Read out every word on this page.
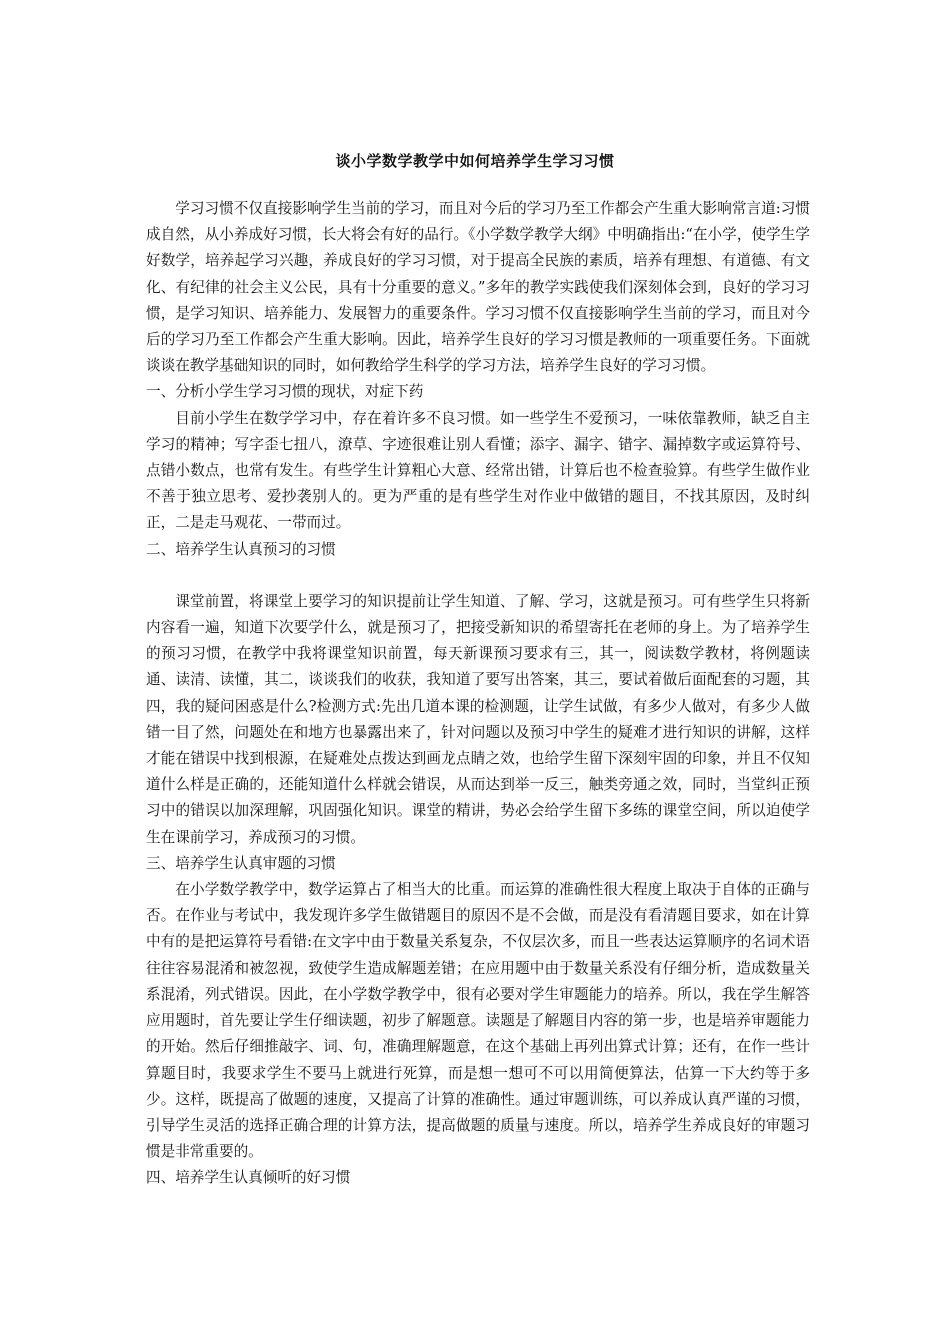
谈小学数学教学中如何培养学生学习习惯

学习习惯不仅直接影响学生当前的学习，而且对今后的学习乃至工作都会产生重大影响常言道:习惯成自然，从小养成好习惯，长大将会有好的品行。《小学数学教学大纲》中明确指出:“在小学，使学生学好数学，培养起学习兴趣，养成良好的学习习惯，对于提高全民族的素质，培养有理想、有道德、有文化、有纪律的社会主义公民，具有十分重要的意义。”多年的教学实践使我们深刻体会到，良好的学习习惯，是学习知识、培养能力、发展智力的重要条件。学习习惯不仅直接影响学生当前的学习，而且对今后的学习乃至工作都会产生重大影响。因此，培养学生良好的学习习惯是教师的一项重要任务。下面就谈谈在教学基础知识的同时，如何教给学生科学的学习方法，培养学生良好的学习习惯。

一、分析小学生学习习惯的现状，对症下药

目前小学生在数学学习中，存在着许多不良习惯。如一些学生不爱预习，一味依靠教师，缺乏自主学习的精神；写字歪七扭八，潦草、字迹很难让别人看懂；添字、漏字、错字、漏掉数字或运算符号、点错小数点，也常有发生。有些学生计算粗心大意、经常出错，计算后也不检查验算。有些学生做作业不善于独立思考、爱抄袭别人的。更为严重的是有些学生对作业中做错的题目，不找其原因，及时纠正，二是走马观花、一带而过。

二、培养学生认真预习的习惯

课堂前置，将课堂上要学习的知识提前让学生知道、了解、学习，这就是预习。可有些学生只将新内容看一遍，知道下次要学什么，就是预习了，把接受新知识的希望寄托在老师的身上。为了培养学生的预习习惯，在教学中我将课堂知识前置，每天新课预习要求有三，其一，阅读数学教材，将例题读通、读清、读懂，其二，谈谈我们的收获，我知道了要写出答案，其三，要试着做后面配套的习题，其四，我的疑问困惑是什么?检测方式:先出几道本课的检测题，让学生试做，有多少人做对，有多少人做错一目了然，问题处在和地方也暴露出来了，针对问题以及预习中学生的疑难才进行知识的讲解，这样才能在错误中找到根源，在疑难处点拨达到画龙点睛之效，也给学生留下深刻牢固的印象，并且不仅知道什么样是正确的，还能知道什么样就会错误，从而达到举一反三，触类旁通之效，同时，当堂纠正预习中的错误以加深理解，巩固强化知识。课堂的精讲，势必会给学生留下多练的课堂空间，所以迫使学生在课前学习，养成预习的习惯。

三、培养学生认真审题的习惯

在小学数学教学中，数学运算占了相当大的比重。而运算的准确性很大程度上取决于自体的正确与否。在作业与考试中，我发现许多学生做错题目的原因不是不会做，而是没有看清题目要求，如在计算中有的是把运算符号看错:在文字中由于数量关系复杂，不仅层次多，而且一些表达运算顺序的名词术语往往容易混淆和被忽视，致使学生造成解题差错；在应用题中由于数量关系没有仔细分析，造成数量关系混淆，列式错误。因此，在小学数学教学中，很有必要对学生审题能力的培养。所以，我在学生解答应用题时，首先要让学生仔细读题，初步了解题意。读题是了解题目内容的第一步，也是培养审题能力的开始。然后仔细推敲字、词、句，准确理解题意，在这个基础上再列出算式计算；还有，在作一些计算题目时，我要求学生不要马上就进行死算，而是想一想可不可以用简便算法，估算一下大约等于多少。这样，既提高了做题的速度，又提高了计算的准确性。通过审题训练，可以养成认真严谨的习惯，引导学生灵活的选择正确合理的计算方法，提高做题的质量与速度。所以，培养学生养成良好的审题习惯是非常重要的。

四、培养学生认真倾听的好习惯
